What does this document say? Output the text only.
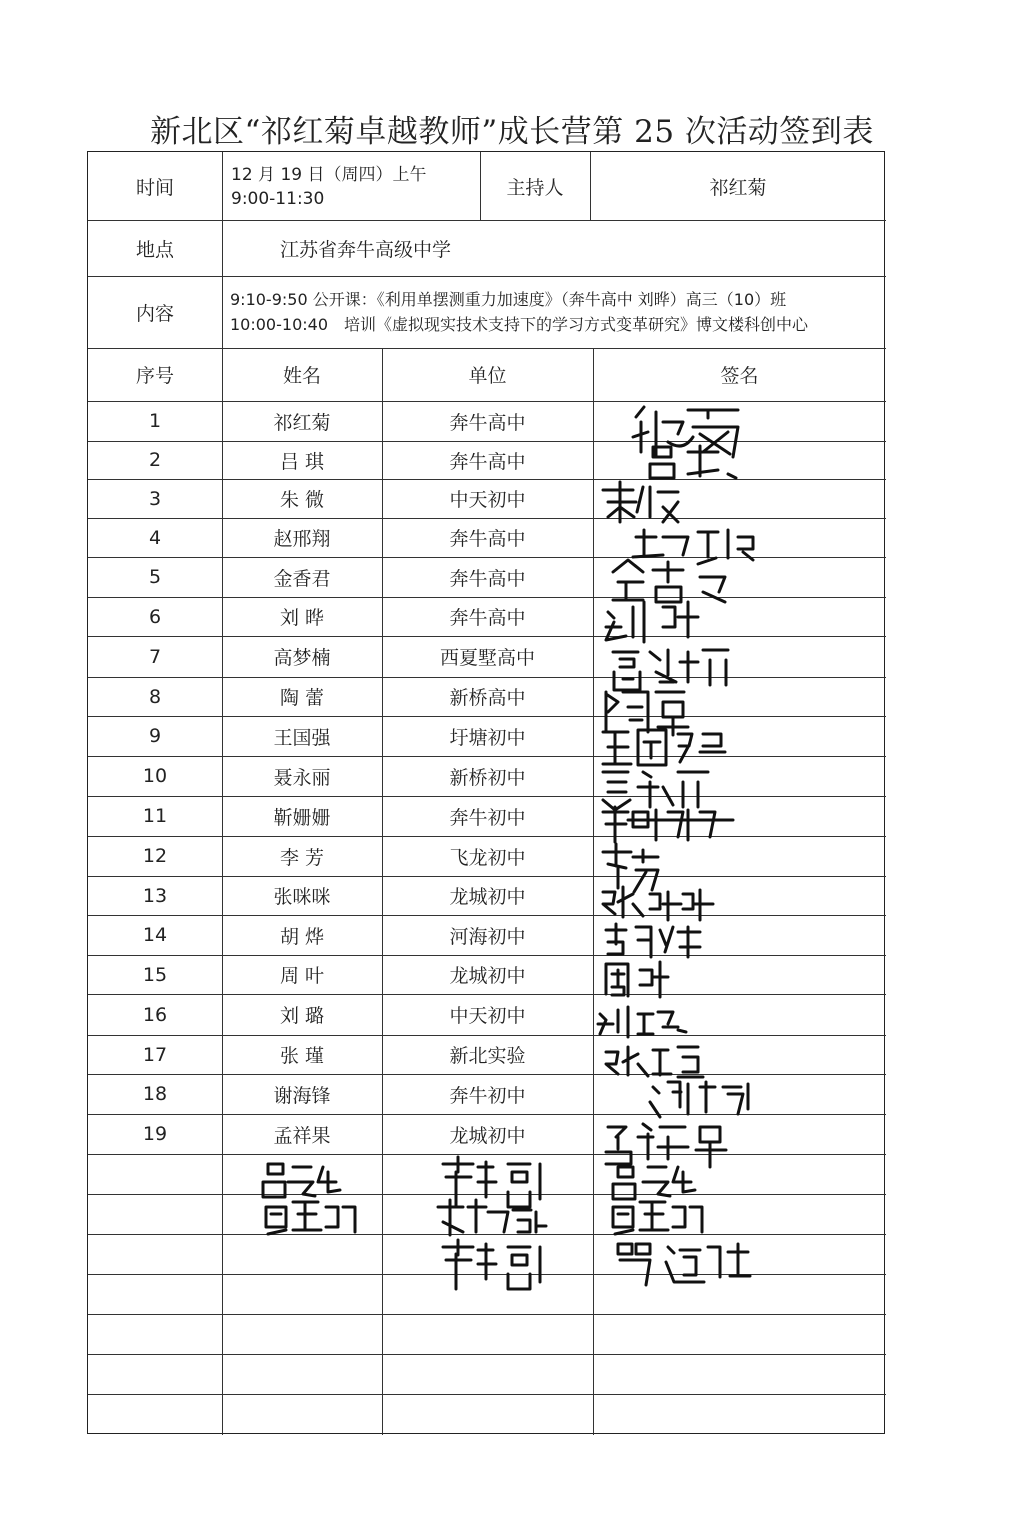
新北区“祁红菊卓越教师”成长营第 25 次活动签到表
时间
12 月 19 日（周四）上午
9:00-11:30
主持人	祁红菊
地点	江苏省奔牛高级中学
内容
9:10-9:50 公开课：《利用单摆测重力加速度》（奔牛高中 刘晔）高三（10）班
10:00-10:40　培训《虚拟现实技术支持下的学习方式变革研究》博文楼科创中心
序号	姓名	单位	签名
1	祁红菊	奔牛高中
2	吕 琪	奔牛高中
3	朱 微	中天初中
4	赵邢翔	奔牛高中
5	金香君	奔牛高中
6	刘 晔	奔牛高中
7	高梦楠	西夏墅高中
8	陶 蕾	新桥高中
9	王国强	圩塘初中
10	聂永丽	新桥初中
11	靳姗姗	奔牛初中
12	李 芳	飞龙初中
13	张咪咪	龙城初中
14	胡 烨	河海初中
15	周 叶	龙城初中
16	刘 璐	中天初中
17	张 瑾	新北实验
18	谢海锋	奔牛初中
19	孟祥果	龙城初中
